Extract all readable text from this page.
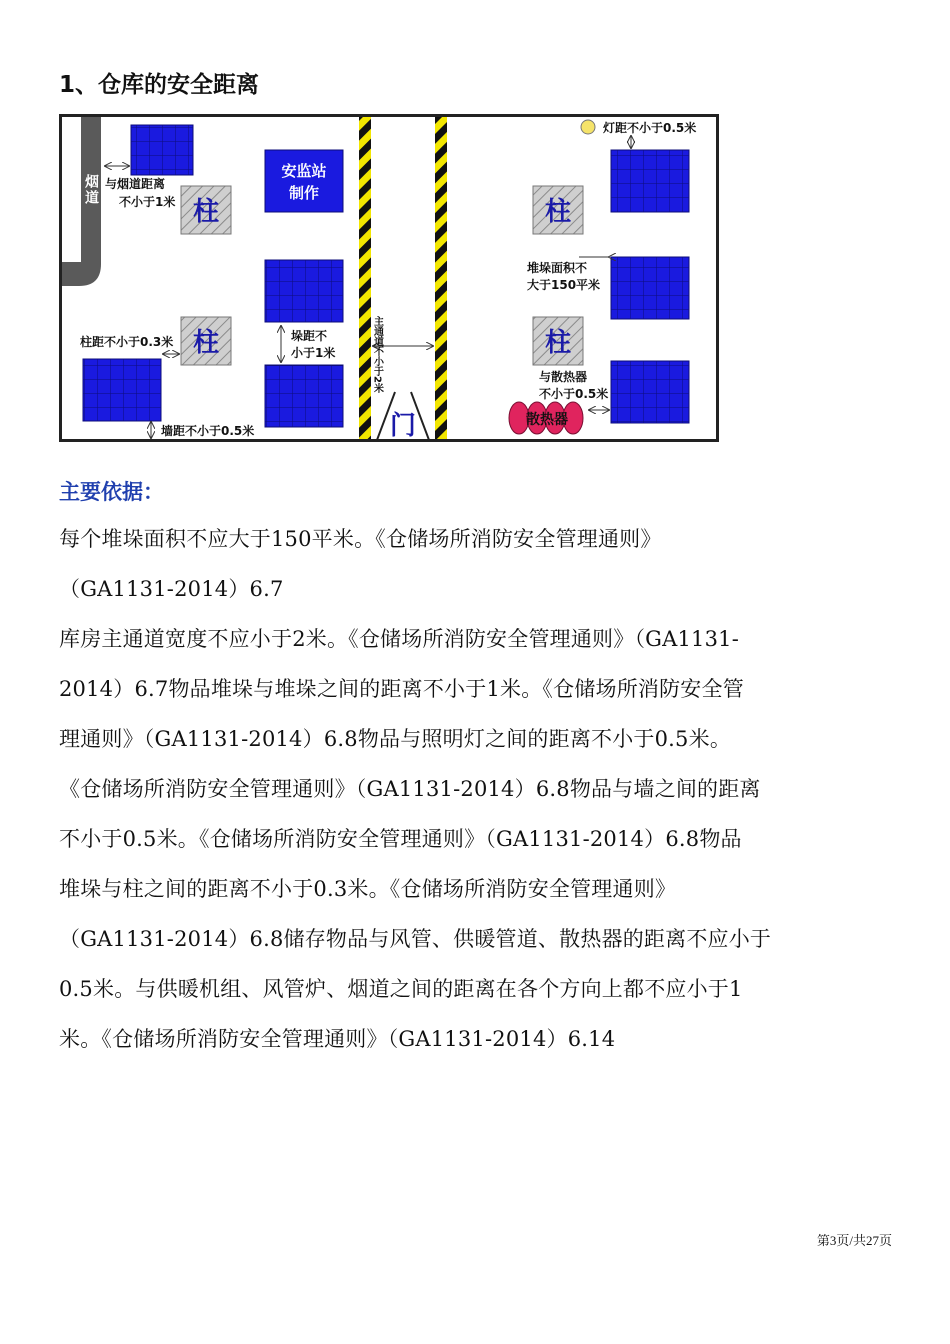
1、仓库的安全距离
烟道
安监站
制作
柱
柱
与烟道距离
不小于1米
柱距不小于0.3米	垛距不
小于1米
墙距不小于0.5米
主通道不小于2米
门
灯距不小于0.5米
柱
柱
堆垛面积不
大于150平米
与散热器
不小于0.5米
散热器
主要依据：
每个堆垛面积不应大于150平米。《仓储场所消防安全管理通则》
（GA1131-2014）6.7
库房主通道宽度不应小于2米。《仓储场所消防安全管理通则》（GA1131-
2014）6.7物品堆垛与堆垛之间的距离不小于1米。《仓储场所消防安全管
理通则》（GA1131-2014）6.8物品与照明灯之间的距离不小于0.5米。
《仓储场所消防安全管理通则》（GA1131-2014）6.8物品与墙之间的距离
不小于0.5米。《仓储场所消防安全管理通则》（GA1131-2014）6.8物品
堆垛与柱之间的距离不小于0.3米。《仓储场所消防安全管理通则》
（GA1131-2014）6.8储存物品与风管、供暖管道、散热器的距离不应小于
0.5米。与供暖机组、风管炉、烟道之间的距离在各个方向上都不应小于1
米。《仓储场所消防安全管理通则》（GA1131-2014）6.14
第3页/共27页
